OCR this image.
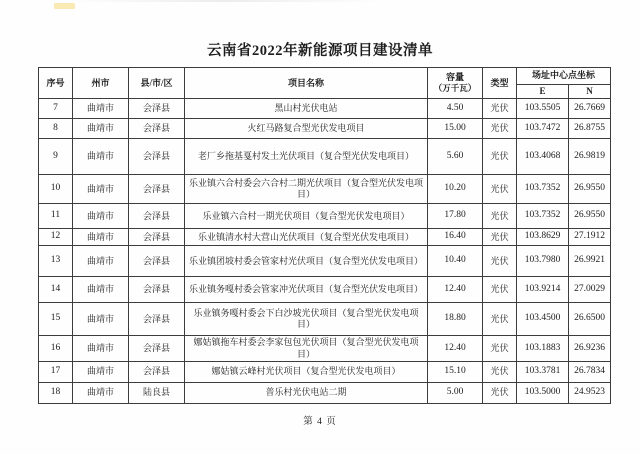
云南省2022年新能源项目建设清单
序号	州市	县/市/区	项目名称	容量
（万千瓦）	类型	场址中心点坐标	
						E	N
7	曲靖市	会泽县	黑山村光伏电站	4.50	光伏	103.5505	26.7669
8	曲靖市	会泽县	火红马路复合型光伏发电项目	15.00	光伏	103.7472	26.8755
9	曲靖市	会泽县	老厂乡拖基戛村发土光伏项目（复合型光伏发电项目）	5.60	光伏	103.4068	26.9819
10	曲靖市	会泽县	乐业镇六合村委会六合村二期光伏项目（复合型光伏发电项目）	10.20	光伏	103.7352	26.9550
11	曲靖市	会泽县	乐业镇六合村一期光伏项目（复合型光伏发电项目）	17.80	光伏	103.7352	26.9550
12	曲靖市	会泽县	乐业镇清水村大营山光伏项目（复合型光伏发电项目）	16.40	光伏	103.8629	27.1912
13	曲靖市	会泽县	乐业镇团坡村委会管家村光伏项目（复合型光伏发电项目）	10.40	光伏	103.7980	26.9921
14	曲靖市	会泽县	乐业镇务嘎村委会管家冲光伏项目（复合型光伏发电项目）	12.40	光伏	103.9214	27.0029
15	曲靖市	会泽县	乐业镇务嘎村委会下白沙坡光伏项目（复合型光伏发电项目）	18.80	光伏	103.4500	26.6500
16	曲靖市	会泽县	娜姑镇拖车村委会李家包包光伏项目（复合型光伏发电项目）	12.40	光伏	103.1883	26.9236
17	曲靖市	会泽县	娜姑镇云峰村光伏项目（复合型光伏发电项目）	15.10	光伏	103.3781	26.7834
18	曲靖市	陆良县	普乐村光伏电站二期	5.00	光伏	103.5000	24.9523
第 4 页
